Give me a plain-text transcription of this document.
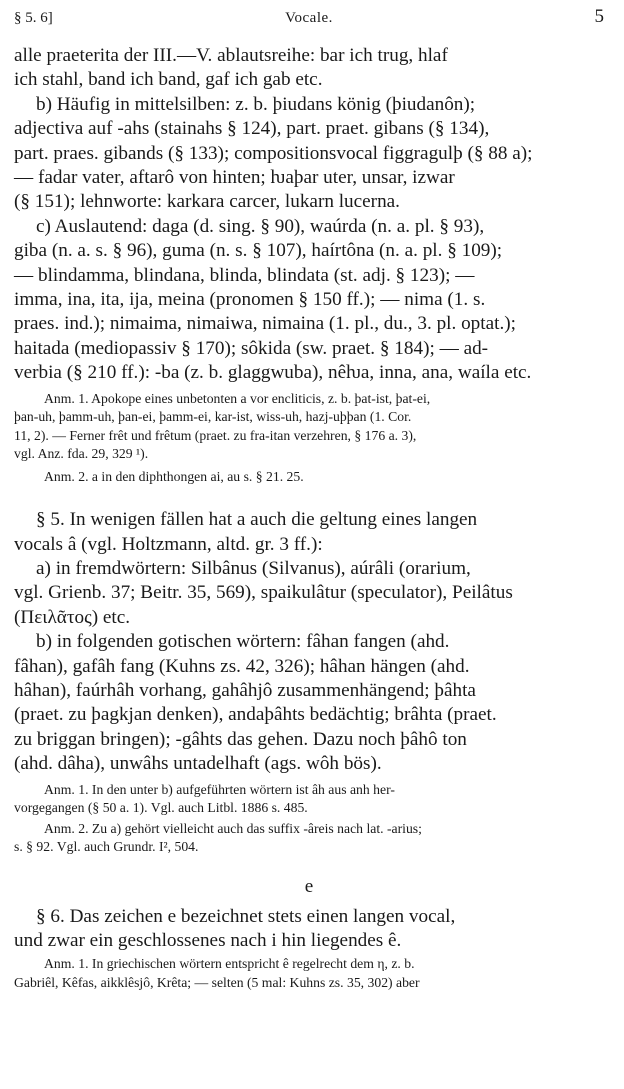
§ 5. 6]	Vocale.	5

alle praeterita der III.—V. ablautsreihe: bar ich trug, hlaf

ich stahl, band ich band, gaf ich gab etc.

b) Häufig in mittelsilben: z. b. þiudans könig (þiudanôn);

adjectiva auf -ahs (stainahs § 124), part. praet. gibans (§ 134),

part. praes. gibands (§ 133); compositionsvocal figgragulþ (§ 88 a);

— fadar vater, aftarô von hinten; ƕaþar uter, unsar, izwar

(§ 151); lehnworte: karkara carcer, lukarn lucerna.

c) Auslautend: daga (d. sing. § 90), waúrda (n. a. pl. § 93),

giba (n. a. s. § 96), guma (n. s. § 107), haírtôna (n. a. pl. § 109);

— blindamma, blindana, blinda, blindata (st. adj. § 123); —

imma, ina, ita, ija, meina (pronomen § 150 ff.); — nima (1. s.

praes. ind.); nimaima, nimaiwa, nimaina (1. pl., du., 3. pl. optat.);

haitada (mediopassiv § 170); sôkida (sw. praet. § 184); — ad-

verbia (§ 210 ff.): -ba (z. b. glaggwuba), nêƕa, inna, ana, waíla etc.

Anm. 1. Apokope eines unbetonten a vor encliticis, z. b. þat-ist, þat-ei,

þan-uh, þamm-uh, þan-ei, þamm-ei, kar-ist, wiss-uh, hazj-uþþan (1. Cor.

11, 2). — Ferner frêt und frêtum (praet. zu fra-itan verzehren, § 176 a. 3),

vgl. Anz. fda. 29, 329 ¹).

Anm. 2. a in den diphthongen ai, au s. § 21. 25.

§ 5. In wenigen fällen hat a auch die geltung eines langen

vocals â (vgl. Holtzmann, altd. gr. 3 ff.):

a) in fremdwörtern: Silbânus (Silvanus), aúrâli (orarium,

vgl. Grienb. 37; Beitr. 35, 569), spaikulâtur (speculator), Peilâtus

(Πειλᾶτος) etc.

b) in folgenden gotischen wörtern: fâhan fangen (ahd.

fâhan), gafâh fang (Kuhns zs. 42, 326); hâhan hängen (ahd.

hâhan), faúrhâh vorhang, gahâhjô zusammenhängend; þâhta

(praet. zu þagkjan denken), andaþâhts bedächtig; brâhta (praet.

zu briggan bringen); -gâhts das gehen. Dazu noch þâhô ton

(ahd. dâha), unwâhs untadelhaft (ags. wôh bös).

Anm. 1. In den unter b) aufgeführten wörtern ist âh aus anh her-

vorgegangen (§ 50 a. 1). Vgl. auch Litbl. 1886 s. 485.

Anm. 2. Zu a) gehört vielleicht auch das suffix -âreis nach lat. -arius;

s. § 92. Vgl. auch Grundr. I², 504.

e

§ 6. Das zeichen e bezeichnet stets einen langen vocal,

und zwar ein geschlossenes nach i hin liegendes ê.

Anm. 1. In griechischen wörtern entspricht ê regelrecht dem η, z. b.

Gabriêl, Kêfas, aikklêsjô, Krêta; — selten (5 mal: Kuhns zs. 35, 302) aber
